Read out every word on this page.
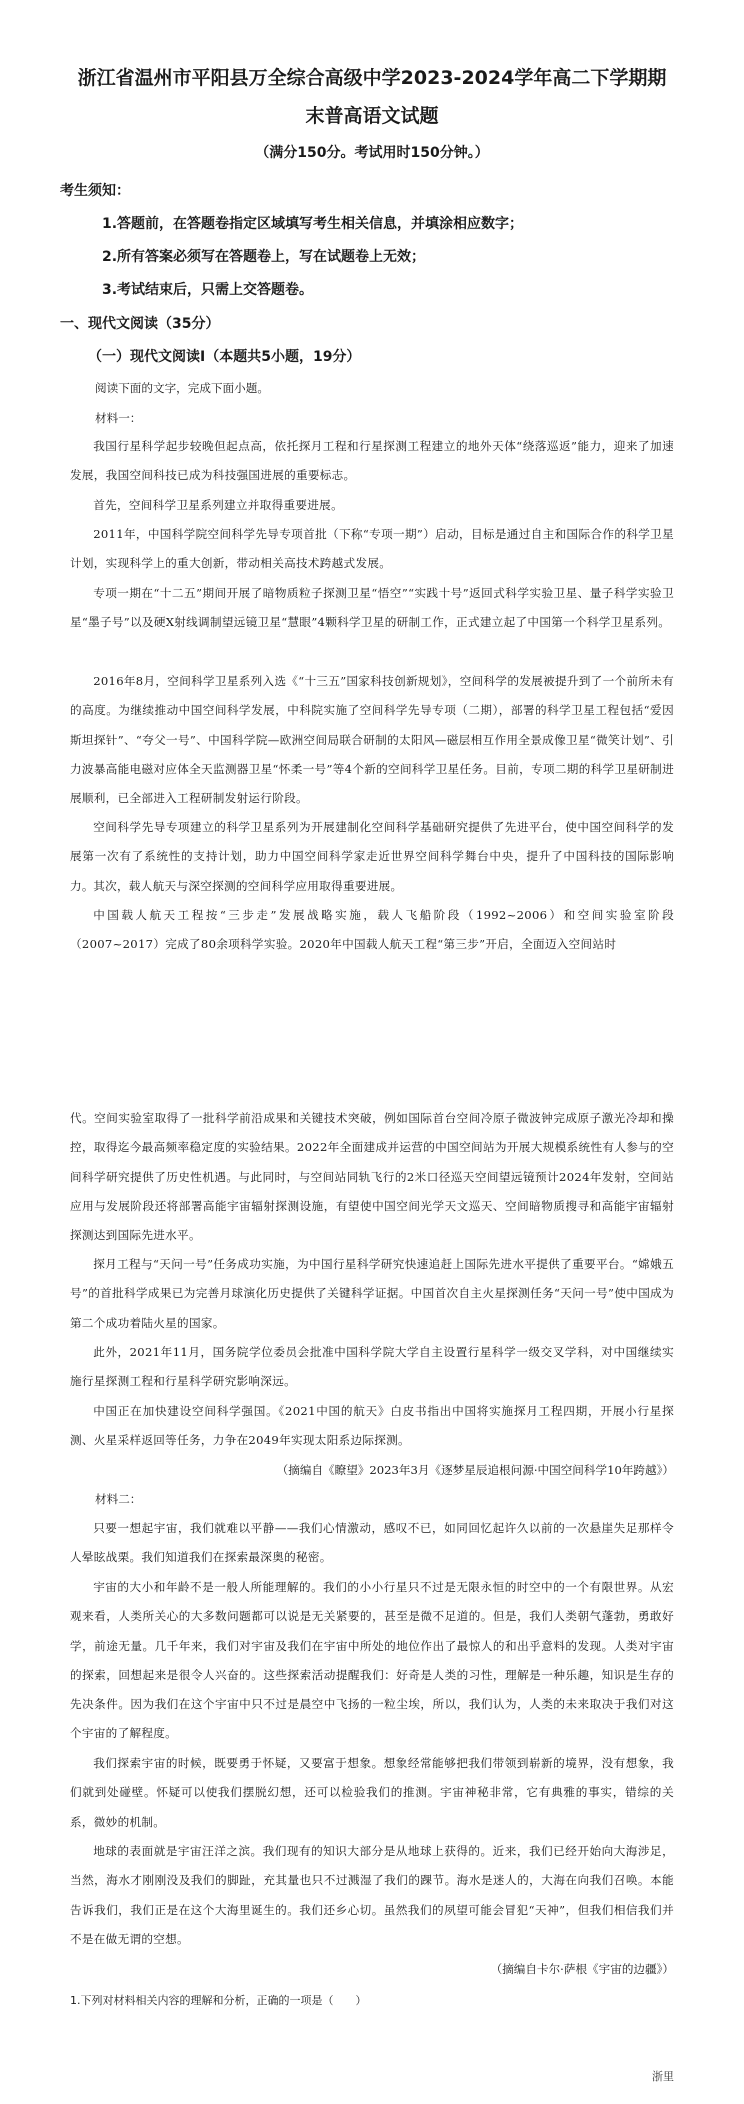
浙江省温州市平阳县万全综合高级中学2023-2024学年高二下学期期
末普高语文试题
（满分150分。考试用时150分钟。）
考生须知：
1.答题前，在答题卷指定区域填写考生相关信息，并填涂相应数字；
2.所有答案必须写在答题卷上，写在试题卷上无效；
3.考试结束后，只需上交答题卷。
一、现代文阅读（35分）
（一）现代文阅读Ⅰ（本题共5小题，19分）
阅读下面的文字，完成下面小题。
材料一：
我国行星科学起步较晚但起点高，依托探月工程和行星探测工程建立的地外天体“绕落巡返”能力，迎来了加速发展，我国空间科技已成为科技强国进展的重要标志。
首先，空间科学卫星系列建立并取得重要进展。
2011年，中国科学院空间科学先导专项首批（下称“专项一期”）启动，目标是通过自主和国际合作的科学卫星计划，实现科学上的重大创新，带动相关高技术跨越式发展。
专项一期在“十二五”期间开展了暗物质粒子探测卫星“悟空”“实践十号”返回式科学实验卫星、量子科学实验卫星“墨子号”以及硬X射线调制望远镜卫星“慧眼”4颗科学卫星的研制工作，正式建立起了中国第一个科学卫星系列。
2016年8月，空间科学卫星系列入选《“十三五”国家科技创新规划》，空间科学的发展被提升到了一个前所未有的高度。为继续推动中国空间科学发展，中科院实施了空间科学先导专项（二期），部署的科学卫星工程包括“爱因斯坦探针”、“夸父一号”、中国科学院—欧洲空间局联合研制的太阳风—磁层相互作用全景成像卫星“微笑计划”、引力波暴高能电磁对应体全天监测器卫星“怀柔一号”等4个新的空间科学卫星任务。目前，专项二期的科学卫星研制进展顺利，已全部进入工程研制发射运行阶段。
空间科学先导专项建立的科学卫星系列为开展建制化空间科学基础研究提供了先进平台，使中国空间科学的发展第一次有了系统性的支持计划，助力中国空间科学家走近世界空间科学舞台中央，提升了中国科技的国际影响力。 其次，载人航天与深空探测的空间科学应用取得重要进展。
中国载人航天工程按“三步走”发展战略实施，载人飞船阶段（1992~2006）和空间实验室阶段（2007~2017）完成了80余项科学实验。2020年中国载人航天工程“第三步”开启，全面迈入空间站时
代。空间实验室取得了一批科学前沿成果和关键技术突破，例如国际首台空间冷原子微波钟完成原子激光冷却和操控，取得迄今最高频率稳定度的实验结果。2022年全面建成并运营的中国空间站为开展大规模系统性有人参与的空间科学研究提供了历史性机遇。与此同时，与空间站同轨飞行的2米口径巡天空间望远镜预计2024年发射，空间站应用与发展阶段还将部署高能宇宙辐射探测设施，有望使中国空间光学天文巡天、空间暗物质搜寻和高能宇宙辐射探测达到国际先进水平。
探月工程与“天问一号”任务成功实施，为中国行星科学研究快速追赶上国际先进水平提供了重要平台。“嫦娥五号”的首批科学成果已为完善月球演化历史提供了关键科学证据。中国首次自主火星探测任务“天问一号”使中国成为第二个成功着陆火星的国家。
此外，2021年11月，国务院学位委员会批准中国科学院大学自主设置行星科学一级交叉学科，对中国继续实施行星探测工程和行星科学研究影响深远。
中国正在加快建设空间科学强国。《2021中国的航天》白皮书指出中国将实施探月工程四期，开展小行星探测、火星采样返回等任务，力争在2049年实现太阳系边际探测。
（摘编自《瞭望》2023年3月《逐梦星辰追根问源·中国空间科学10年跨越》）
材料二：
只要一想起宇宙，我们就难以平静——我们心情激动，感叹不已，如同回忆起许久以前的一次悬崖失足那样令人晕眩战栗。我们知道我们在探索最深奥的秘密。
宇宙的大小和年龄不是一般人所能理解的。我们的小小行星只不过是无限永恒的时空中的一个有限世界。从宏观来看，人类所关心的大多数问题都可以说是无关紧要的，甚至是微不足道的。但是，我们人类朝气蓬勃，勇敢好学，前途无量。几千年来，我们对宇宙及我们在宇宙中所处的地位作出了最惊人的和出乎意料的发现。人类对宇宙的探索，回想起来是很令人兴奋的。这些探索活动提醒我们：好奇是人类的习性，理解是一种乐趣，知识是生存的先决条件。因为我们在这个宇宙中只不过是晨空中飞扬的一粒尘埃，所以，我们认为，人类的未来取决于我们对这个宇宙的了解程度。
我们探索宇宙的时候，既要勇于怀疑，又要富于想象。想象经常能够把我们带领到崭新的境界，没有想象，我们就到处碰壁。怀疑可以使我们摆脱幻想，还可以检验我们的推测。宇宙神秘非常，它有典雅的事实，错综的关系，微妙的机制。
地球的表面就是宇宙汪洋之滨。我们现有的知识大部分是从地球上获得的。近来，我们已经开始向大海涉足，当然，海水才刚刚没及我们的脚趾，充其量也只不过溅湿了我们的踝节。海水是迷人的，大海在向我们召唤。本能告诉我们，我们正是在这个大海里诞生的。我们还乡心切。虽然我们的夙望可能会冒犯“天神”，但我们相信我们并不是在做无谓的空想。
（摘编自卡尔·萨根《宇宙的边疆》）
1.下列对材料相关内容的理解和分析，正确的一项是（　　）
浙里
